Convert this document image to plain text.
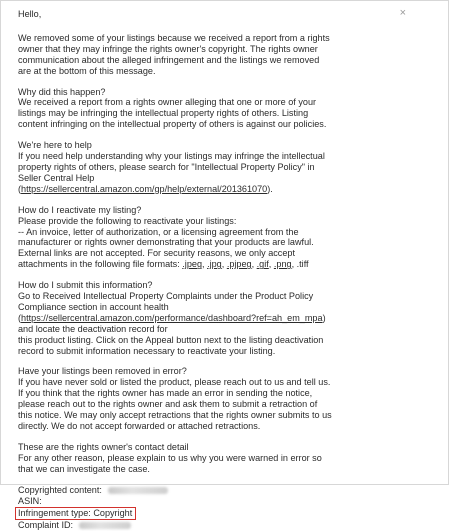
×
Hello,
We removed some of your listings because we received a report from a rights
owner that they may infringe the rights owner's copyright. The rights owner
communication about the alleged infringement and the listings we removed
are at the bottom of this message.
Why did this happen?
We received a report from a rights owner alleging that one or more of your
listings may be infringing the intellectual property rights of others. Listing
content infringing on the intellectual property of others is against our policies.
We're here to help
If you need help understanding why your listings may infringe the intellectual
property rights of others, please search for "Intellectual Property Policy" in
Seller Central Help
(https://sellercentral.amazon.com/gp/help/external/201361070).
How do I reactivate my listing?
Please provide the following to reactivate your listings:
-- An invoice, letter of authorization, or a licensing agreement from the
manufacturer or rights owner demonstrating that your products are lawful.
External links are not accepted. For security reasons, we only accept
attachments in the following file formats: .jpeg, .jpg, .pjpeg, .gif, .png, .tiff
How do I submit this information?
Go to Received Intellectual Property Complaints under the Product Policy
Compliance section in account health
(https://sellercentral.amazon.com/performance/dashboard?ref=ah_em_mpa)
and locate the deactivation record for
this product listing. Click on the Appeal button next to the listing deactivation
record to submit information necessary to reactivate your listing.
Have your listings been removed in error?
If you have never sold or listed the product, please reach out to us and tell us.
If you think that the rights owner has made an error in sending the notice,
please reach out to the rights owner and ask them to submit a retraction of
this notice. We may only accept retractions that the rights owner submits to us
directly. We do not accept forwarded or attached retractions.
These are the rights owner's contact detail
For any other reason, please explain to us why you were warned in error so
that we can investigate the case.
Copyrighted content:
ASIN:
Infringement type: Copyright
Complaint ID:
